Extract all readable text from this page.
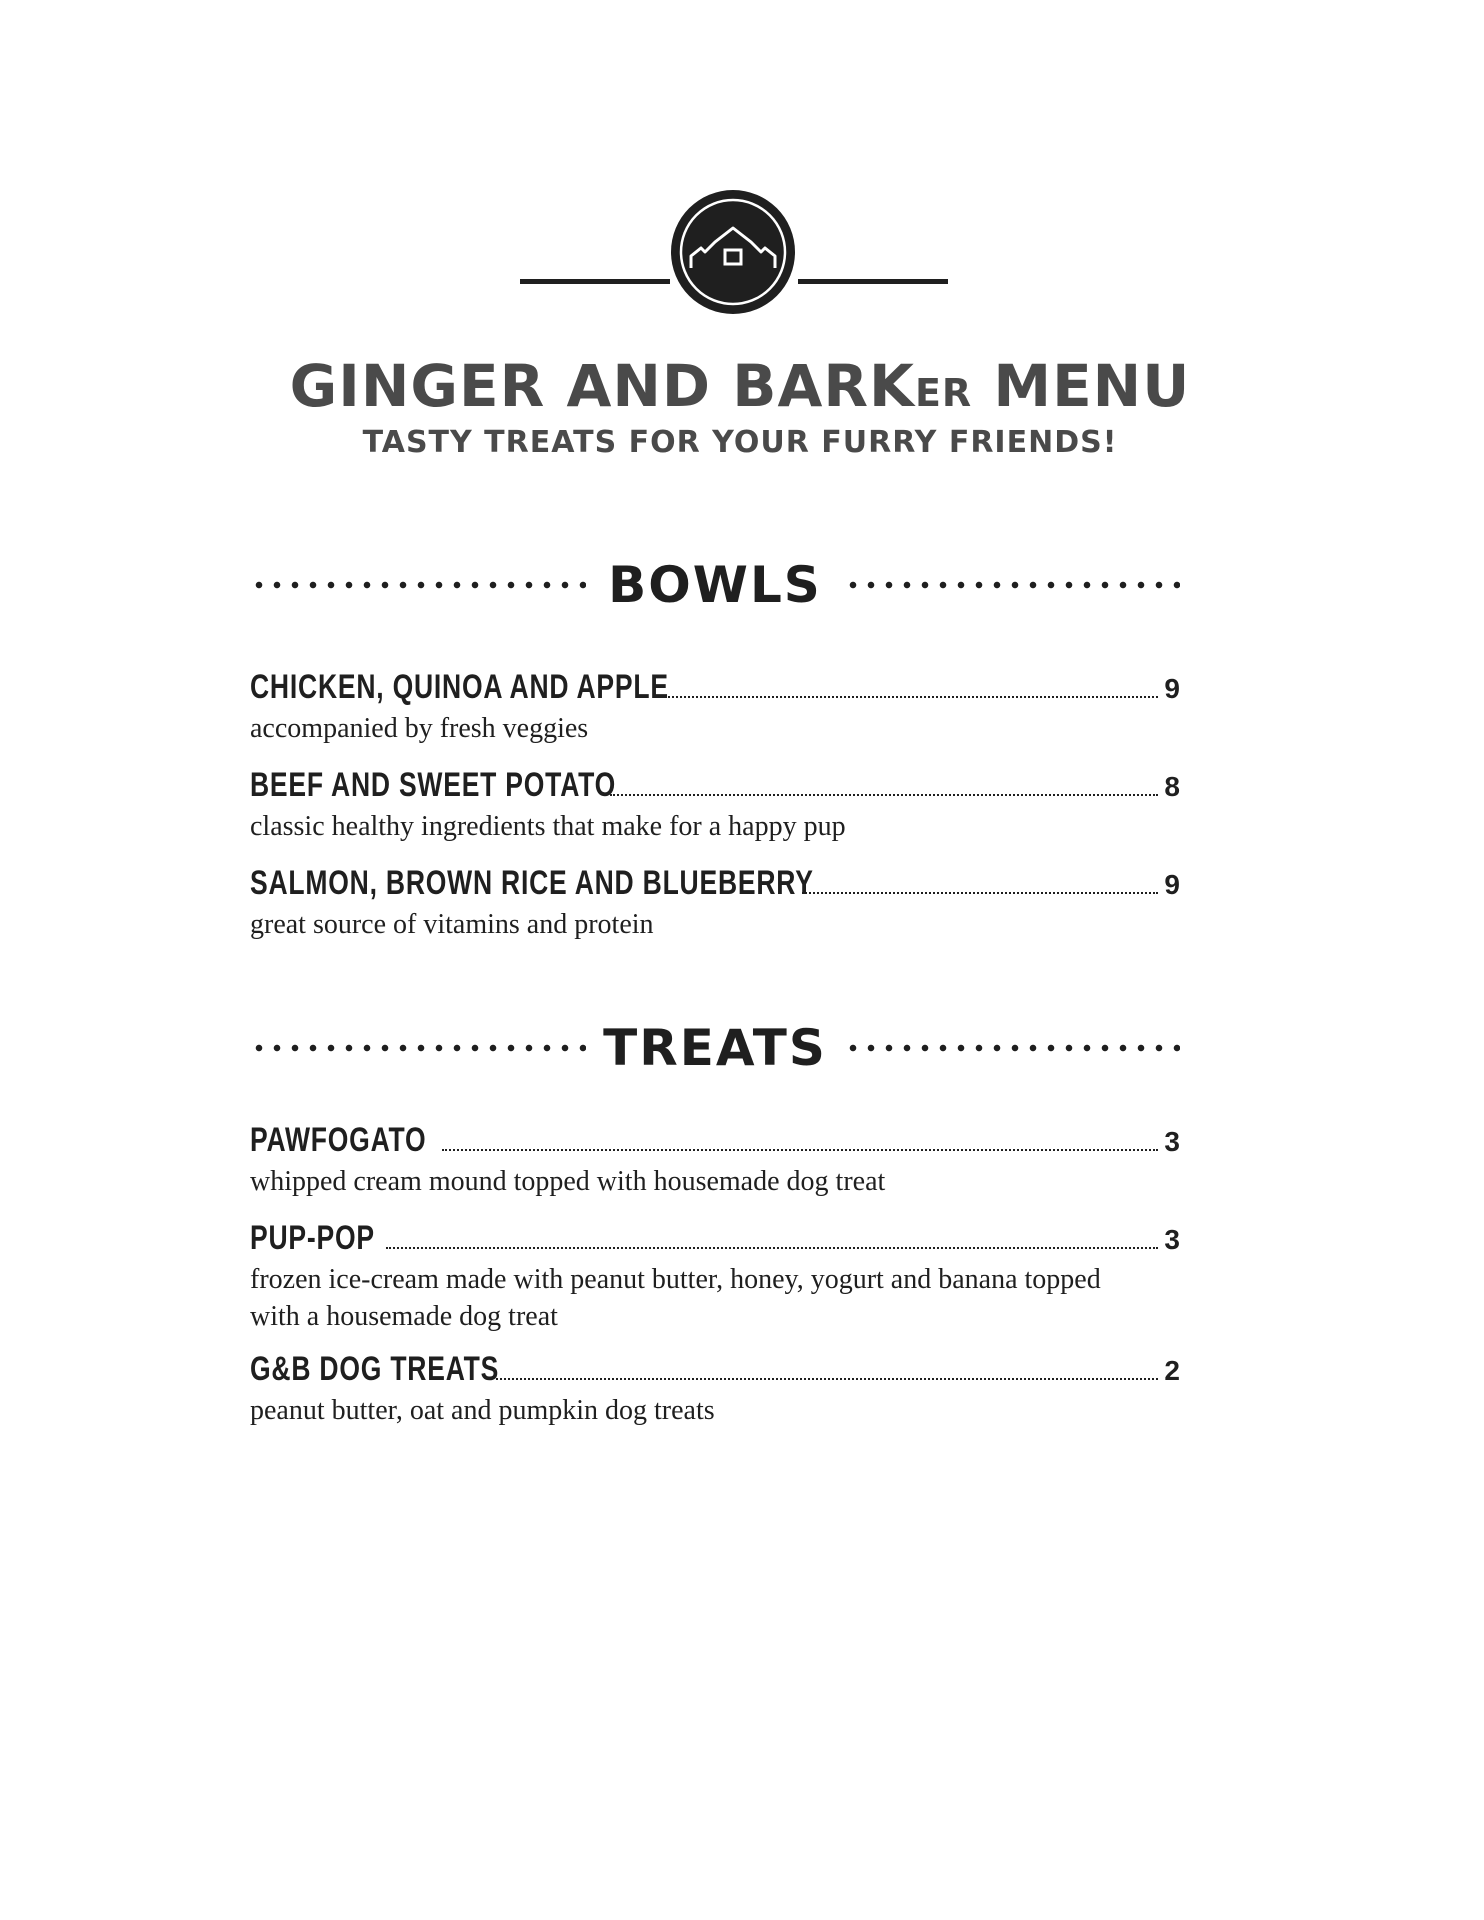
GINGER AND BARKER MENU
TASTY TREATS FOR YOUR FURRY FRIENDS!
BOWLS
CHICKEN, QUINOA AND APPLE	9
accompanied by fresh veggies
BEEF AND SWEET POTATO	8
classic healthy ingredients that make for a happy pup
SALMON, BROWN RICE AND BLUEBERRY	9
great source of vitamins and protein
TREATS
PAWFOGATO	3
whipped cream mound topped with housemade dog treat
PUP-POP	3
frozen ice-cream made with peanut butter, honey, yogurt and banana topped with a housemade dog treat
G&B DOG TREATS	2
peanut butter, oat and pumpkin dog treats
